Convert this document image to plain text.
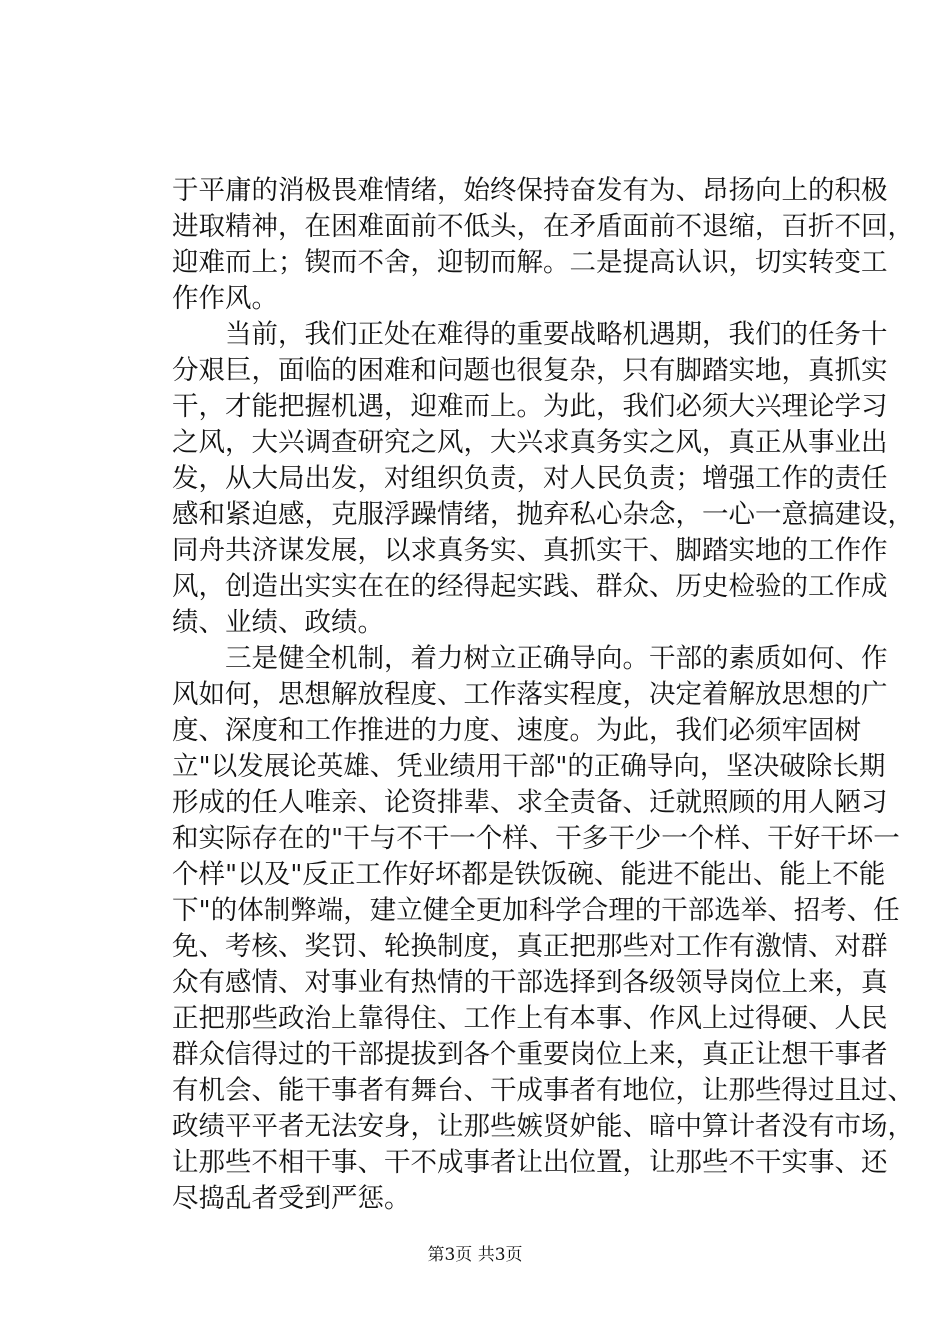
于平庸的消极畏难情绪，始终保持奋发有为、昂扬向上的积极
进取精神，在困难面前不低头，在矛盾面前不退缩，百折不回，
迎难而上；锲而不舍，迎韧而解。二是提高认识，切实转变工
作作风。
　　当前，我们正处在难得的重要战略机遇期，我们的任务十
分艰巨，面临的困难和问题也很复杂，只有脚踏实地，真抓实
干，才能把握机遇，迎难而上。为此，我们必须大兴理论学习
之风，大兴调查研究之风，大兴求真务实之风，真正从事业出
发，从大局出发，对组织负责，对人民负责；增强工作的责任
感和紧迫感，克服浮躁情绪，抛弃私心杂念，一心一意搞建设，
同舟共济谋发展，以求真务实、真抓实干、脚踏实地的工作作
风，创造出实实在在的经得起实践、群众、历史检验的工作成
绩、业绩、政绩。
　　三是健全机制，着力树立正确导向。干部的素质如何、作
风如何，思想解放程度、工作落实程度，决定着解放思想的广
度、深度和工作推进的力度、速度。为此，我们必须牢固树
立"以发展论英雄、凭业绩用干部"的正确导向，坚决破除长期
形成的任人唯亲、论资排辈、求全责备、迁就照顾的用人陋习
和实际存在的"干与不干一个样、干多干少一个样、干好干坏一
个样"以及"反正工作好坏都是铁饭碗、能进不能出、能上不能
下"的体制弊端，建立健全更加科学合理的干部选举、招考、任
免、考核、奖罚、轮换制度，真正把那些对工作有激情、对群
众有感情、对事业有热情的干部选择到各级领导岗位上来，真
正把那些政治上靠得住、工作上有本事、作风上过得硬、人民
群众信得过的干部提拔到各个重要岗位上来，真正让想干事者
有机会、能干事者有舞台、干成事者有地位，让那些得过且过、
政绩平平者无法安身，让那些嫉贤妒能、暗中算计者没有市场，
让那些不相干事、干不成事者让出位置，让那些不干实事、还
尽捣乱者受到严惩。
第3页 共3页
